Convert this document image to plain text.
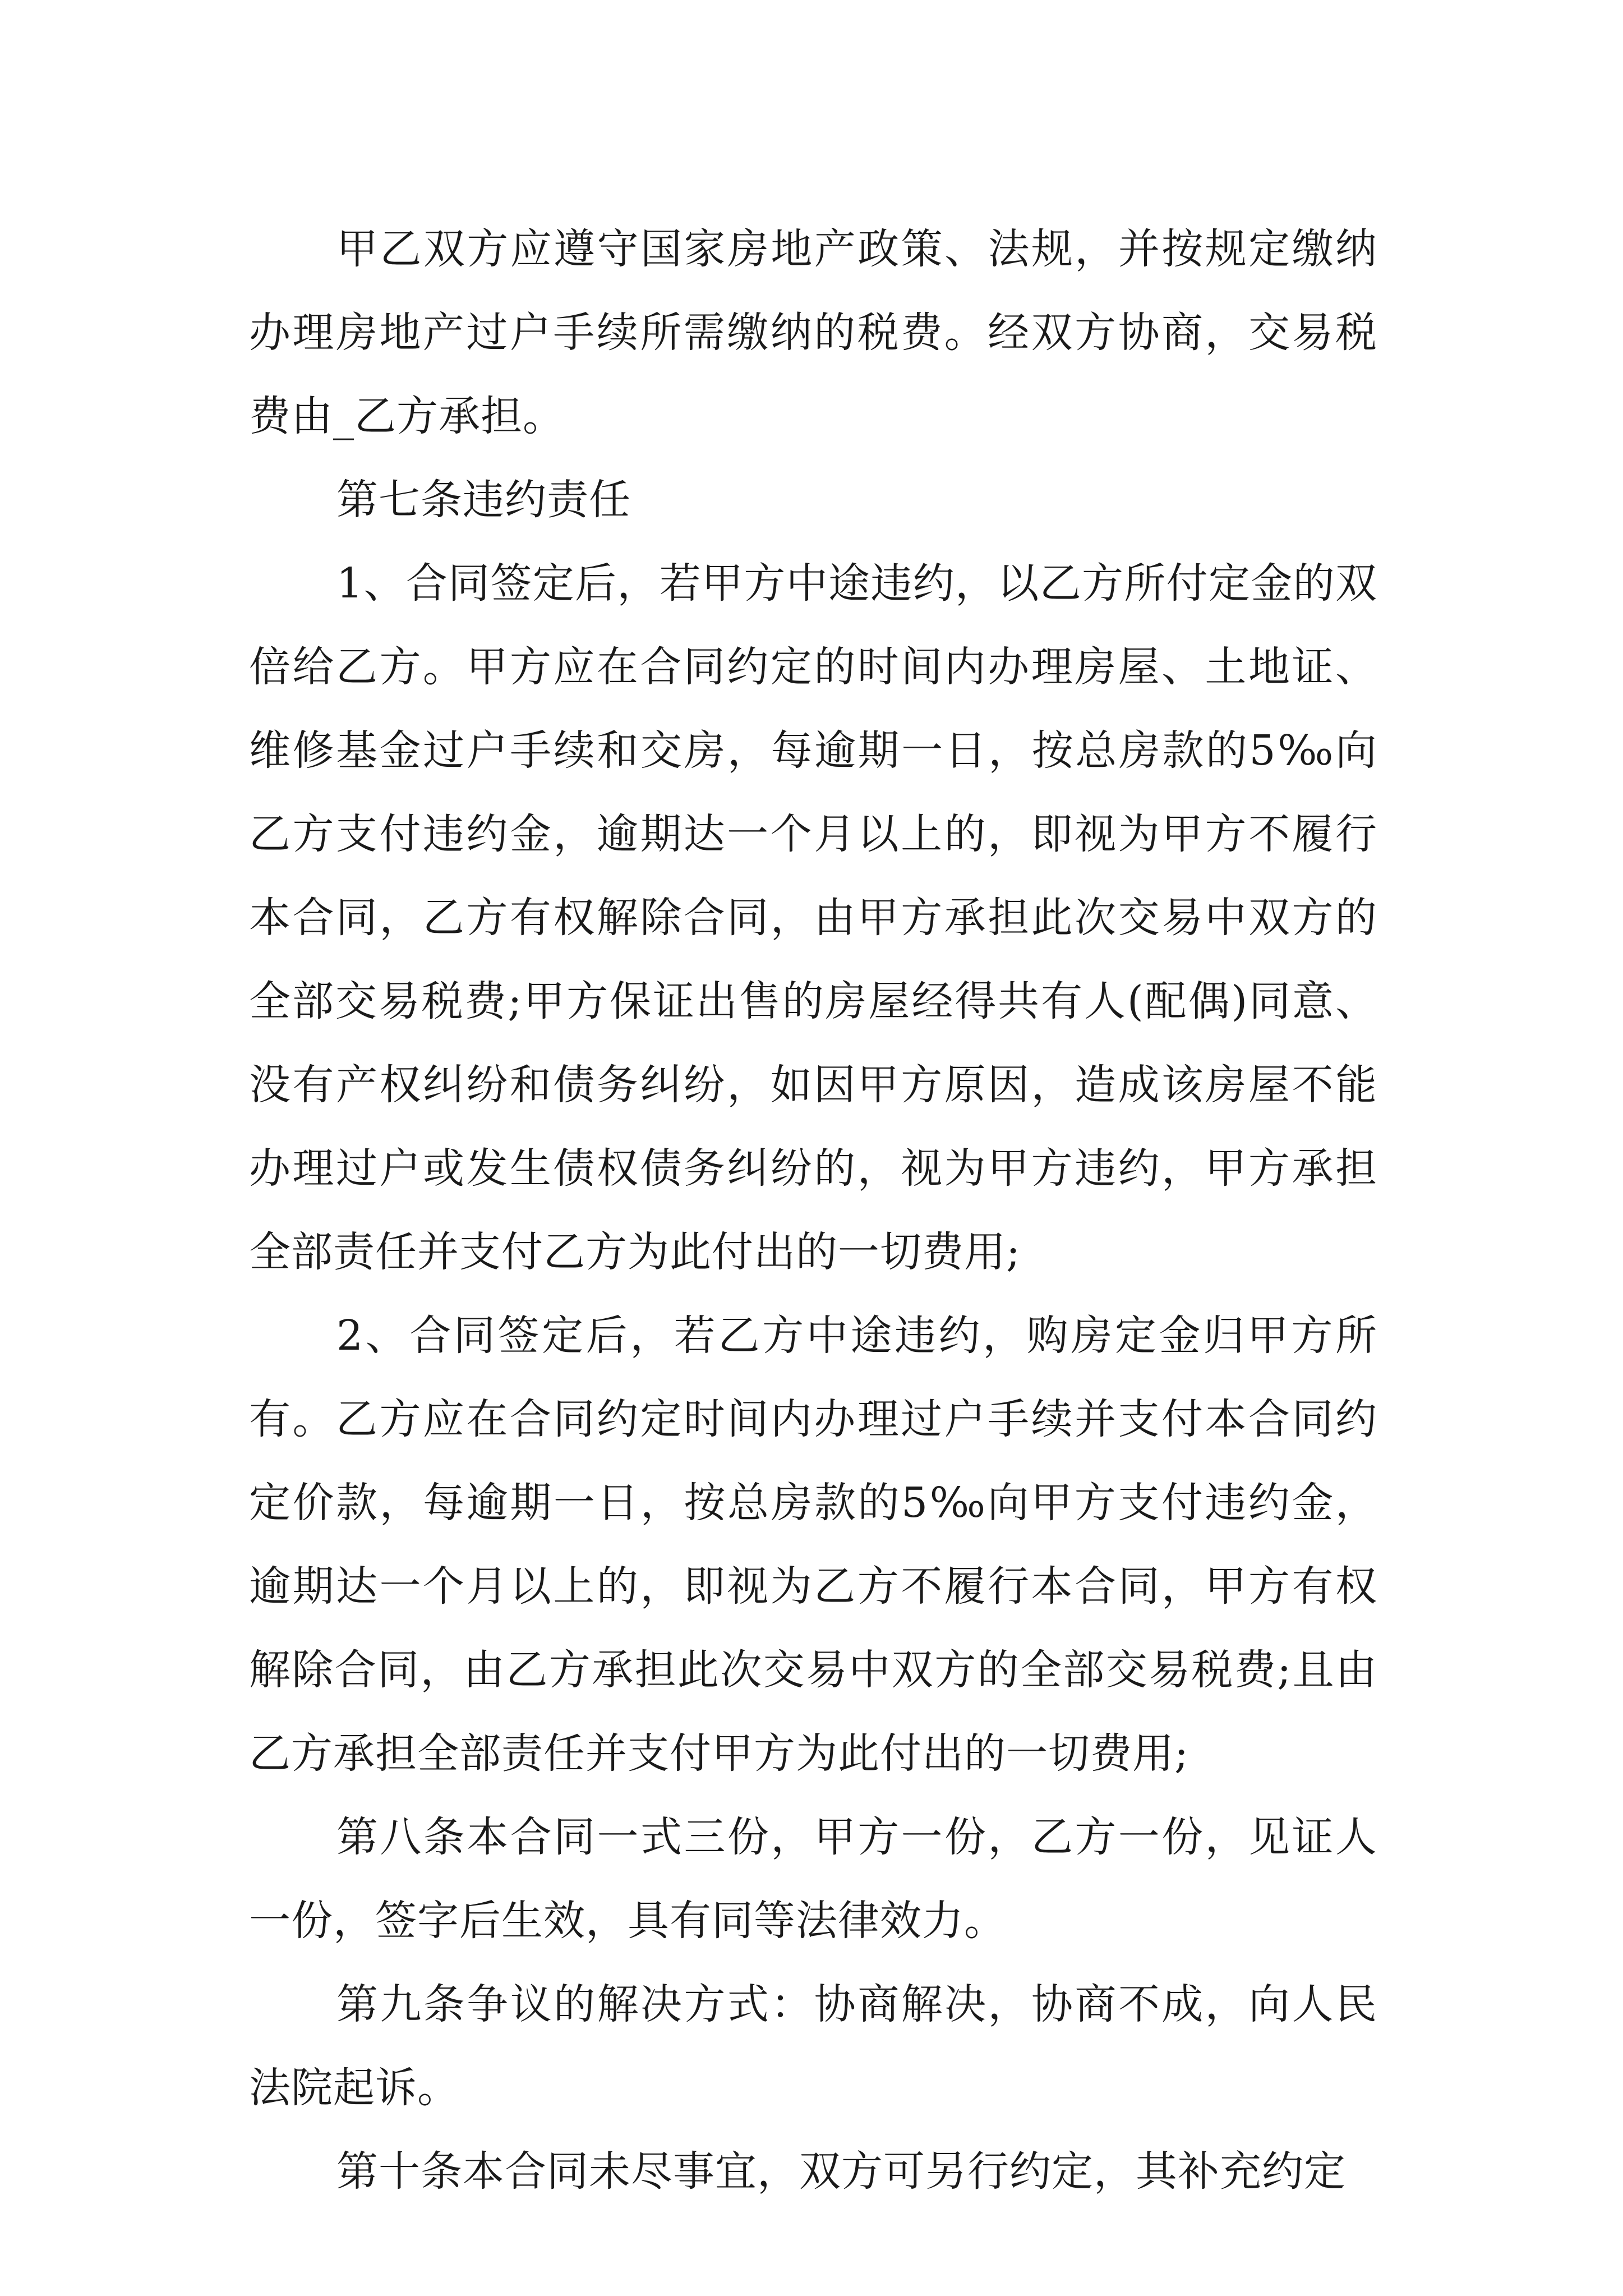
甲乙双方应遵守国家房地产政策、法规，并按规定缴纳办理房地产过户手续所需缴纳的税费。经双方协商，交易税费由_乙方承担。

第七条违约责任

1、合同签定后，若甲方中途违约，以乙方所付定金的双倍给乙方。甲方应在合同约定的时间内办理房屋、土地证、维修基金过户手续和交房，每逾期一日，按总房款的5‰向乙方支付违约金，逾期达一个月以上的，即视为甲方不履行本合同，乙方有权解除合同，由甲方承担此次交易中双方的全部交易税费;甲方保证出售的房屋经得共有人(配偶)同意、没有产权纠纷和债务纠纷，如因甲方原因，造成该房屋不能办理过户或发生债权债务纠纷的，视为甲方违约，甲方承担全部责任并支付乙方为此付出的一切费用;

2、合同签定后，若乙方中途违约，购房定金归甲方所有。乙方应在合同约定时间内办理过户手续并支付本合同约定价款，每逾期一日，按总房款的5‰向甲方支付违约金，逾期达一个月以上的，即视为乙方不履行本合同，甲方有权解除合同，由乙方承担此次交易中双方的全部交易税费;且由乙方承担全部责任并支付甲方为此付出的一切费用;

第八条本合同一式三份，甲方一份，乙方一份，见证人一份，签字后生效，具有同等法律效力。

第九条争议的解决方式：协商解决，协商不成，向人民法院起诉。

第十条本合同未尽事宜，双方可另行约定，其补充约定
